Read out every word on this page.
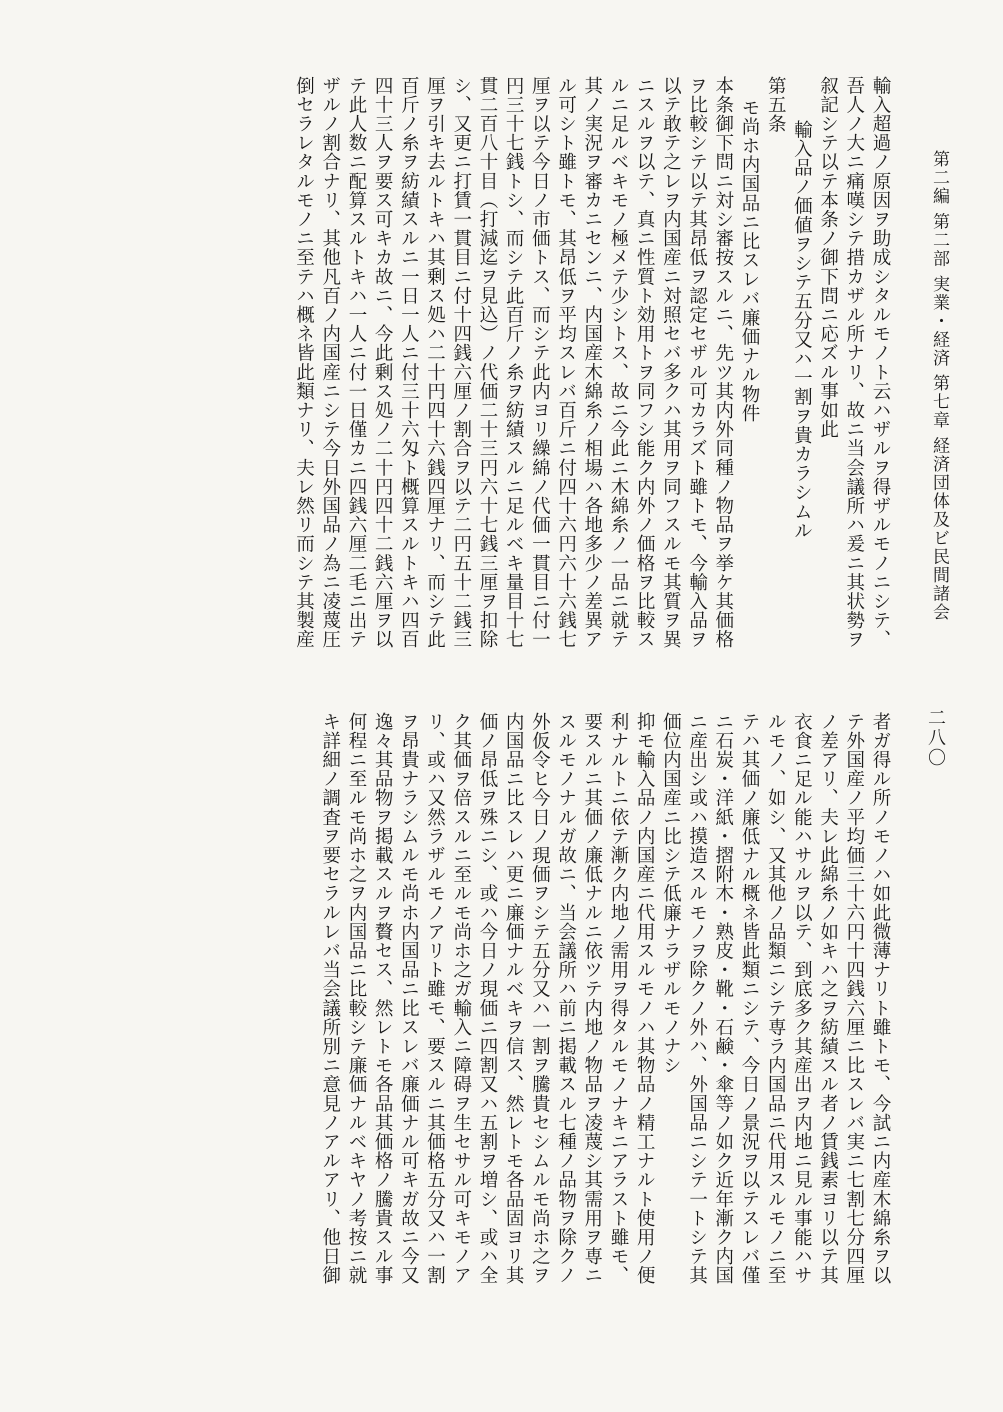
第二編 第二部 実業・経済 第七章 経済団体及ビ民間諸会
二八〇
輸入超過ノ原因ヲ助成シタルモノト云ハザルヲ得ザルモノニシテ、
吾人ノ大ニ痛嘆シテ措カザル所ナリ、故ニ当会議所ハ爰ニ其状勢ヲ
叙記シテ以テ本条ノ御下問ニ応ズル事如此
輸入品ノ価値ヲシテ五分又ハ一割ヲ貴カラシムル
第五条
モ尚ホ内国品ニ比スレバ廉価ナル物件
本条御下問ニ対シ審按スルニ、先ツ其内外同種ノ物品ヲ挙ケ其価格
ヲ比較シテ以テ其昂低ヲ認定セザル可カラズト雖トモ、今輸入品ヲ
以テ敢テ之レヲ内国産ニ対照セバ多クハ其用ヲ同フスルモ其質ヲ異
ニスルヲ以テ、真ニ性質ト効用トヲ同フシ能ク内外ノ価格ヲ比較ス
ルニ足ルベキモノ極メテ少シトス、故ニ今此ニ木綿糸ノ一品ニ就テ
其ノ実況ヲ審カニセンニ、内国産木綿糸ノ相場ハ各地多少ノ差異ア
ル可シト雖トモ、其昂低ヲ平均スレバ百斤ニ付四十六円六十六銭七
厘ヲ以テ今日ノ市価トス、而シテ此内ヨリ繰綿ノ代価一貫目ニ付一
円三十七銭トシ、而シテ此百斤ノ糸ヲ紡績スルニ足ルベキ量目十七
貫二百八十目（打減迄ヲ見込）ノ代価二十三円六十七銭三厘ヲ扣除
シ、又更ニ打賃一貫目ニ付十四銭六厘ノ割合ヲ以テ二円五十二銭三
厘ヲ引キ去ルトキハ其剰ス処ハ二十円四十六銭四厘ナリ、而シテ此
百斤ノ糸ヲ紡績スルニ一日一人ニ付三十六匁ト概算スルトキハ四百
四十三人ヲ要ス可キカ故ニ、今此剰ス処ノ二十円四十二銭六厘ヲ以
テ此人数ニ配算スルトキハ一人ニ付一日僅カニ四銭六厘二毛ニ出テ
ザルノ割合ナリ、其他凡百ノ内国産ニシテ今日外国品ノ為ニ凌蔑圧
倒セラレタルモノニ至テハ概ネ皆此類ナリ、夫レ然リ而シテ其製産
者ガ得ル所ノモノハ如此微薄ナリト雖トモ、今試ニ内産木綿糸ヲ以
テ外国産ノ平均価三十六円十四銭六厘ニ比スレバ実ニ七割七分四厘
ノ差アリ、夫レ此綿糸ノ如キハ之ヲ紡績スル者ノ賃銭素ヨリ以テ其
衣食ニ足ル能ハサルヲ以テ、到底多ク其産出ヲ内地ニ見ル事能ハサ
ルモノ、如シ、又其他ノ品類ニシテ専ラ内国品ニ代用スルモノニ至
テハ其価ノ廉低ナル概ネ皆此類ニシテ、今日ノ景況ヲ以テスレバ僅
ニ石炭・洋紙・摺附木・熟皮・靴・石鹸・傘等ノ如ク近年漸ク内国
ニ産出シ或ハ摸造スルモノヲ除クノ外ハ、外国品ニシテ一トシテ其
価位内国産ニ比シテ低廉ナラザルモノナシ
抑モ輸入品ノ内国産ニ代用スルモノハ其物品ノ精工ナルト使用ノ便
利ナルトニ依テ漸ク内地ノ需用ヲ得タルモノナキニアラスト雖モ、
要スルニ其価ノ廉低ナルニ依ツテ内地ノ物品ヲ凌蔑シ其需用ヲ専ニ
スルモノナルガ故ニ、当会議所ハ前ニ掲載スル七種ノ品物ヲ除クノ
外仮令ヒ今日ノ現価ヲシテ五分又ハ一割ヲ騰貴セシムルモ尚ホ之ヲ
内国品ニ比スレハ更ニ廉価ナルベキヲ信ス、然レトモ各品固ヨリ其
価ノ昂低ヲ殊ニシ、或ハ今日ノ現価ニ四割又ハ五割ヲ増シ、或ハ全
ク其価ヲ倍スルニ至ルモ尚ホ之ガ輸入ニ障碍ヲ生セサル可キモノア
リ、或ハ又然ラザルモノアリト雖モ、要スルニ其価格五分又ハ一割
ヲ昂貴ナラシムルモ尚ホ内国品ニ比スレバ廉価ナル可キガ故ニ今又
逸々其品物ヲ掲載スルヲ贅セス、然レトモ各品其価格ノ騰貴スル事
何程ニ至ルモ尚ホ之ヲ内国品ニ比較シテ廉価ナルベキヤノ考按ニ就
キ詳細ノ調査ヲ要セラルレバ当会議所別ニ意見ノアルアリ、他日御
